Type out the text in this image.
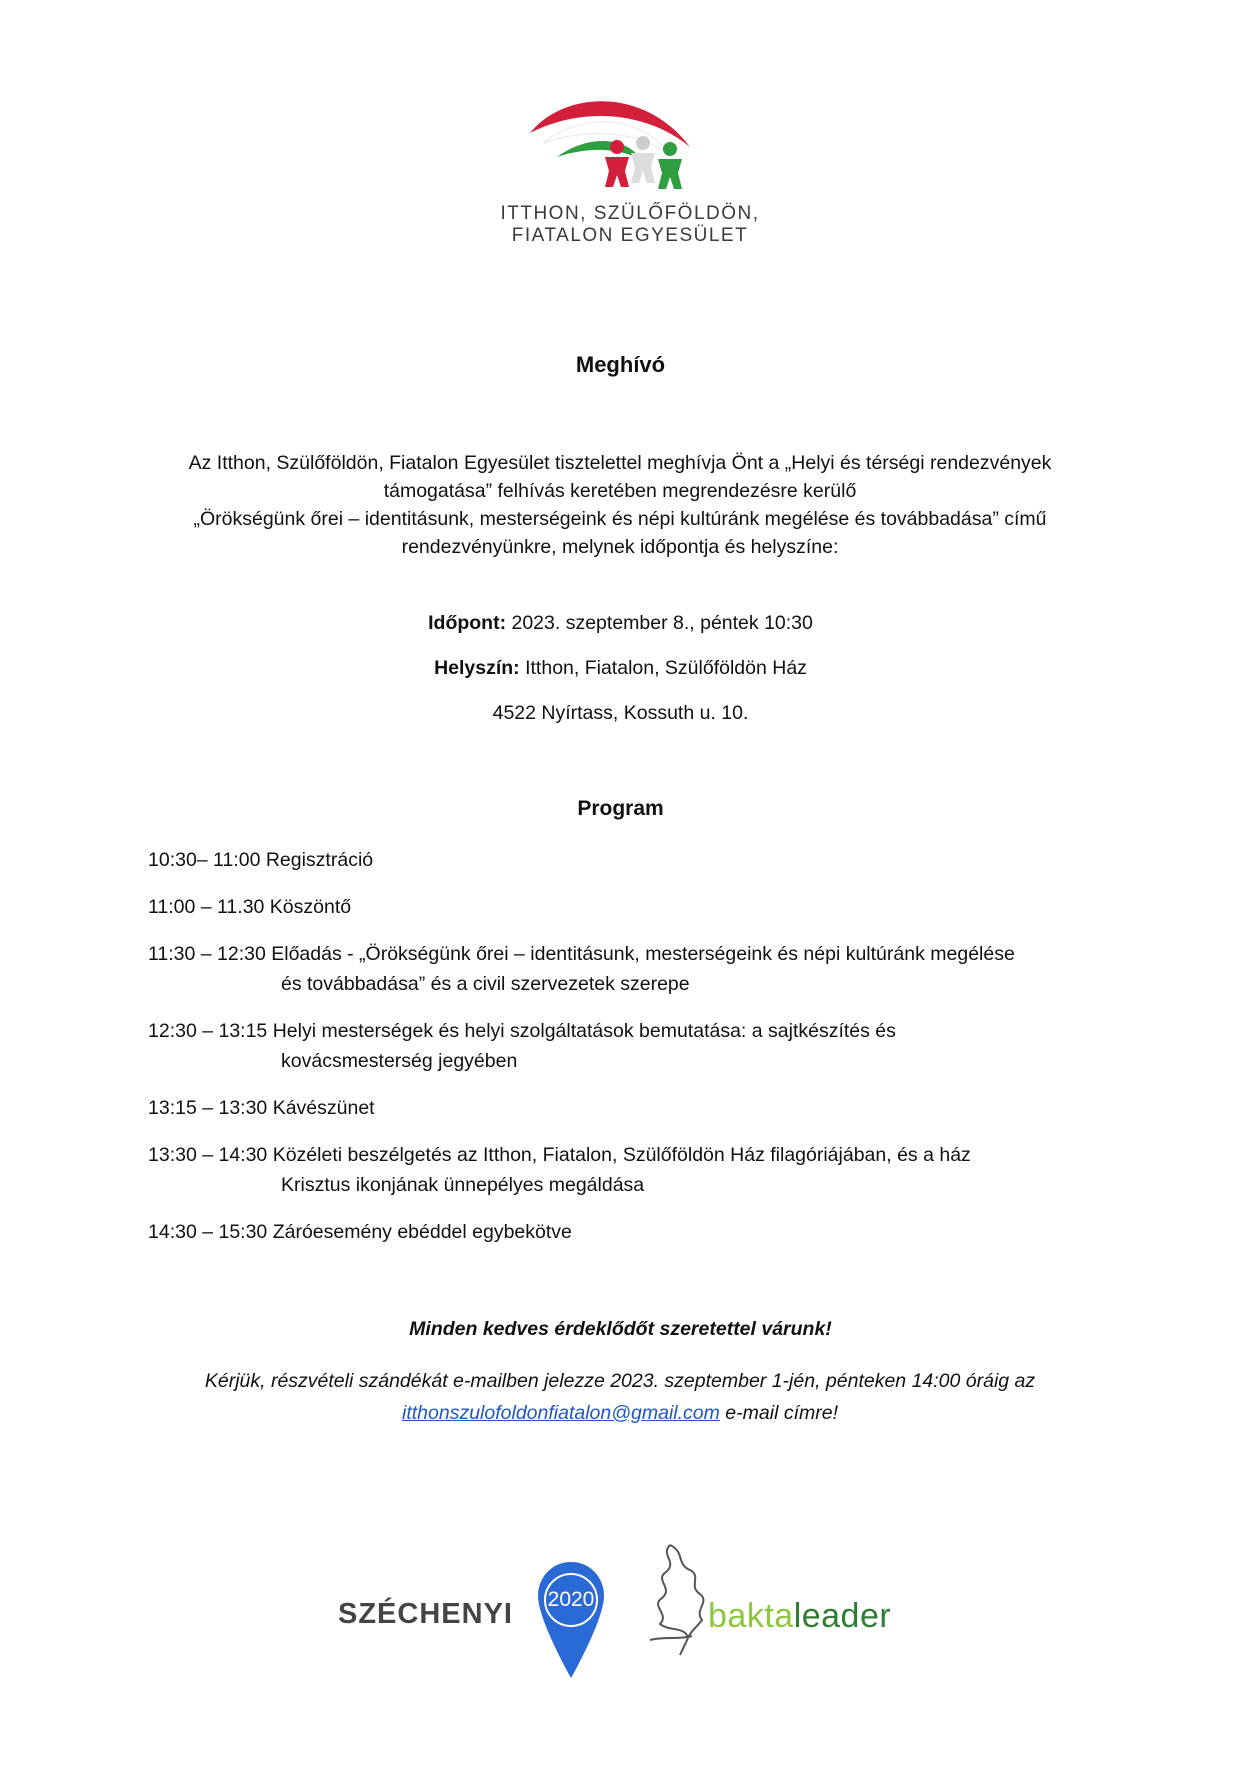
ITTHON, SZÜLŐFÖLDÖN,
FIATALON EGYESÜLET
Meghívó
Az Itthon, Szülőföldön, Fiatalon Egyesület tisztelettel meghívja Önt a „Helyi és térségi rendezvények
támogatása” felhívás keretében megrendezésre kerülő
„Örökségünk őrei – identitásunk, mesterségeink és népi kultúránk megélése és továbbadása” című
rendezvényünkre, melynek időpontja és helyszíne:
Időpont: 2023. szeptember 8., péntek 10:30
Helyszín: Itthon, Fiatalon, Szülőföldön Ház
4522 Nyírtass, Kossuth u. 10.
Program
10:30– 11:00 Regisztráció
11:00 – 11.30 Köszöntő
11:30 – 12:30 Előadás - „Örökségünk őrei – identitásunk, mesterségeink és népi kultúránk megélése
és továbbadása” és a civil szervezetek szerepe
12:30 – 13:15 Helyi mesterségek és helyi szolgáltatások bemutatása: a sajtkészítés és
kovácsmesterség jegyében
13:15 – 13:30 Kávészünet
13:30 – 14:30 Közéleti beszélgetés az Itthon, Fiatalon, Szülőföldön Ház filagóriájában, és a ház
Krisztus ikonjának ünnepélyes megáldása
14:30 – 15:30 Záróesemény ebéddel egybekötve
Minden kedves érdeklődőt szeretettel várunk!
Kérjük, részvételi szándékát e-mailben jelezze 2023. szeptember 1-jén, pénteken 14:00 óráig az
itthonszulofoldonfiatalon@gmail.com e-mail címre!
SZÉCHENYI	2020	baktaleader
